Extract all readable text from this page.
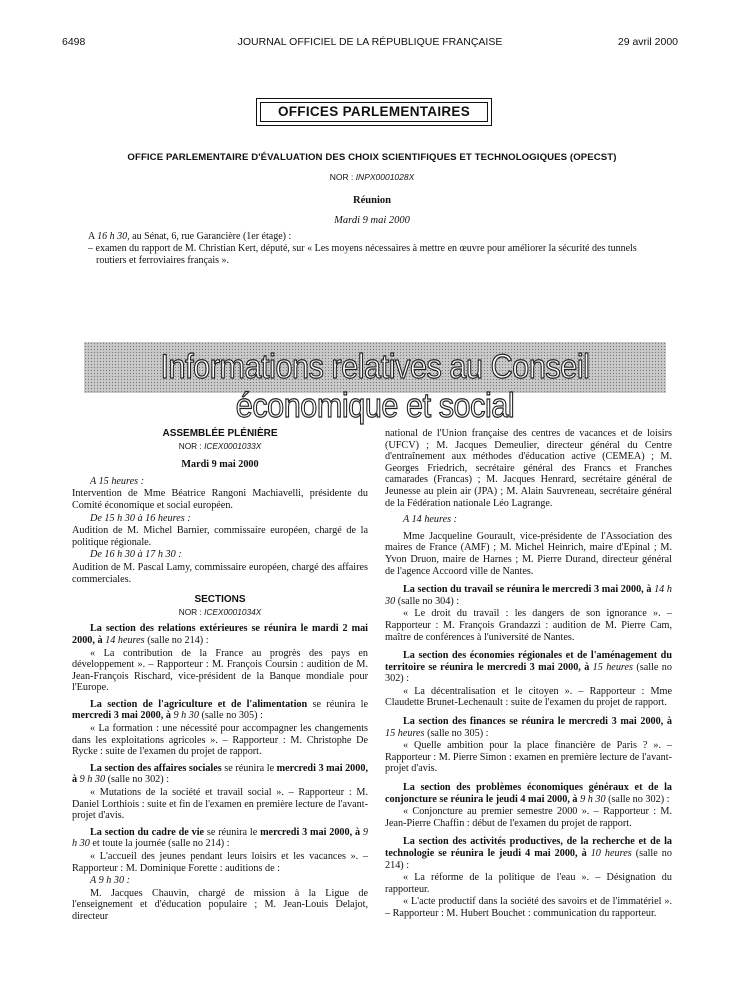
6498	JOURNAL OFFICIEL DE LA RÉPUBLIQUE FRANÇAISE	29 avril 2000
OFFICES PARLEMENTAIRES
OFFICE PARLEMENTAIRE D'ÉVALUATION DES CHOIX SCIENTIFIQUES ET TECHNOLOGIQUES (OPECST)
NOR : INPX0001028X
Réunion
Mardi 9 mai 2000

A 16 h 30, au Sénat, 6, rue Garancière (1er étage) :

– examen du rapport de M. Christian Kert, député, sur « Les moyens nécessaires à mettre en œuvre pour améliorer la sécurité des tunnels

routiers et ferroviaires français ».

Informations relatives au Conseil économique et social

ASSEMBLÉE PLÉNIÈRE

NOR : ICEX0001033X

Mardi 9 mai 2000

A 15 heures :

Intervention de Mme Béatrice Rangoni Machiavelli, présidente du Comité économique et social européen.

De 15 h 30 à 16 heures :

Audition de M. Michel Barnier, commissaire européen, chargé de la politique régionale.

De 16 h 30 à 17 h 30 :

Audition de M. Pascal Lamy, commissaire européen, chargé des affaires commerciales.

SECTIONS

NOR : ICEX0001034X

La section des relations extérieures se réunira le mardi 2 mai 2000, à 14 heures (salle no 214) :

« La contribution de la France au progrès des pays en développement ». – Rapporteur : M. François Coursin : audition de M. Jean-François Rischard, vice-président de la Banque mondiale pour l'Europe.

La section de l'agriculture et de l'alimentation se réunira le mercredi 3 mai 2000, à 9 h 30 (salle no 305) :

« La formation : une nécessité pour accompagner les changements dans les exploitations agricoles ». – Rapporteur : M. Christophe De Rycke : suite de l'examen du projet de rapport.

La section des affaires sociales se réunira le mercredi 3 mai 2000, à 9 h 30 (salle no 302) :

« Mutations de la société et travail social ». – Rapporteur : M. Daniel Lorthiois : suite et fin de l'examen en première lecture de l'avant-projet d'avis.

La section du cadre de vie se réunira le mercredi 3 mai 2000, à 9 h 30 et toute la journée (salle no 214) :

« L'accueil des jeunes pendant leurs loisirs et les vacances ». – Rapporteur : M. Dominique Forette : auditions de :

A 9 h 30 :

M. Jacques Chauvin, chargé de mission à la Ligue de l'enseignement et d'éducation populaire ; M. Jean-Louis Delajot, directeur

national de l'Union française des centres de vacances et de loisirs (UFCV) ; M. Jacques Demeulier, directeur général du Centre d'entraînement aux méthodes d'éducation active (CEMEA) ; M. Georges Friedrich, secrétaire général des Francs et Franches camarades (Francas) ; M. Jacques Henrard, secrétaire général de Jeunesse au plein air (JPA) ; M. Alain Sauvreneau, secrétaire général de la Fédération nationale Léo Lagrange.

A 14 heures :

Mme Jacqueline Gourault, vice-présidente de l'Association des maires de France (AMF) ; M. Michel Heinrich, maire d'Epinal ; M. Yvon Druon, maire de Harnes ; M. Pierre Durand, directeur général de l'agence Accoord ville de Nantes.

La section du travail se réunira le mercredi 3 mai 2000, à 14 h 30 (salle no 304) :

« Le droit du travail : les dangers de son ignorance ». – Rapporteur : M. François Grandazzi : audition de M. Pierre Cam, maître de conférences à l'université de Nantes.

La section des économies régionales et de l'aménagement du territoire se réunira le mercredi 3 mai 2000, à 15 heures (salle no 302) :

« La décentralisation et le citoyen ». – Rapporteur : Mme Claudette Brunet-Lechenault : suite de l'examen du projet de rapport.

La section des finances se réunira le mercredi 3 mai 2000, à 15 heures (salle no 305) :

« Quelle ambition pour la place financière de Paris ? ». – Rapporteur : M. Pierre Simon : examen en première lecture de l'avant-projet d'avis.

La section des problèmes économiques généraux et de la conjoncture se réunira le jeudi 4 mai 2000, à 9 h 30 (salle no 302) :

« Conjoncture au premier semestre 2000 ». – Rapporteur : M. Jean-Pierre Chaffin : début de l'examen du projet de rapport.

La section des activités productives, de la recherche et de la technologie se réunira le jeudi 4 mai 2000, à 10 heures (salle no 214) :

« La réforme de la politique de l'eau ». – Désignation du rapporteur.

« L'acte productif dans la société des savoirs et de l'immatériel ». – Rapporteur : M. Hubert Bouchet : communication du rapporteur.
